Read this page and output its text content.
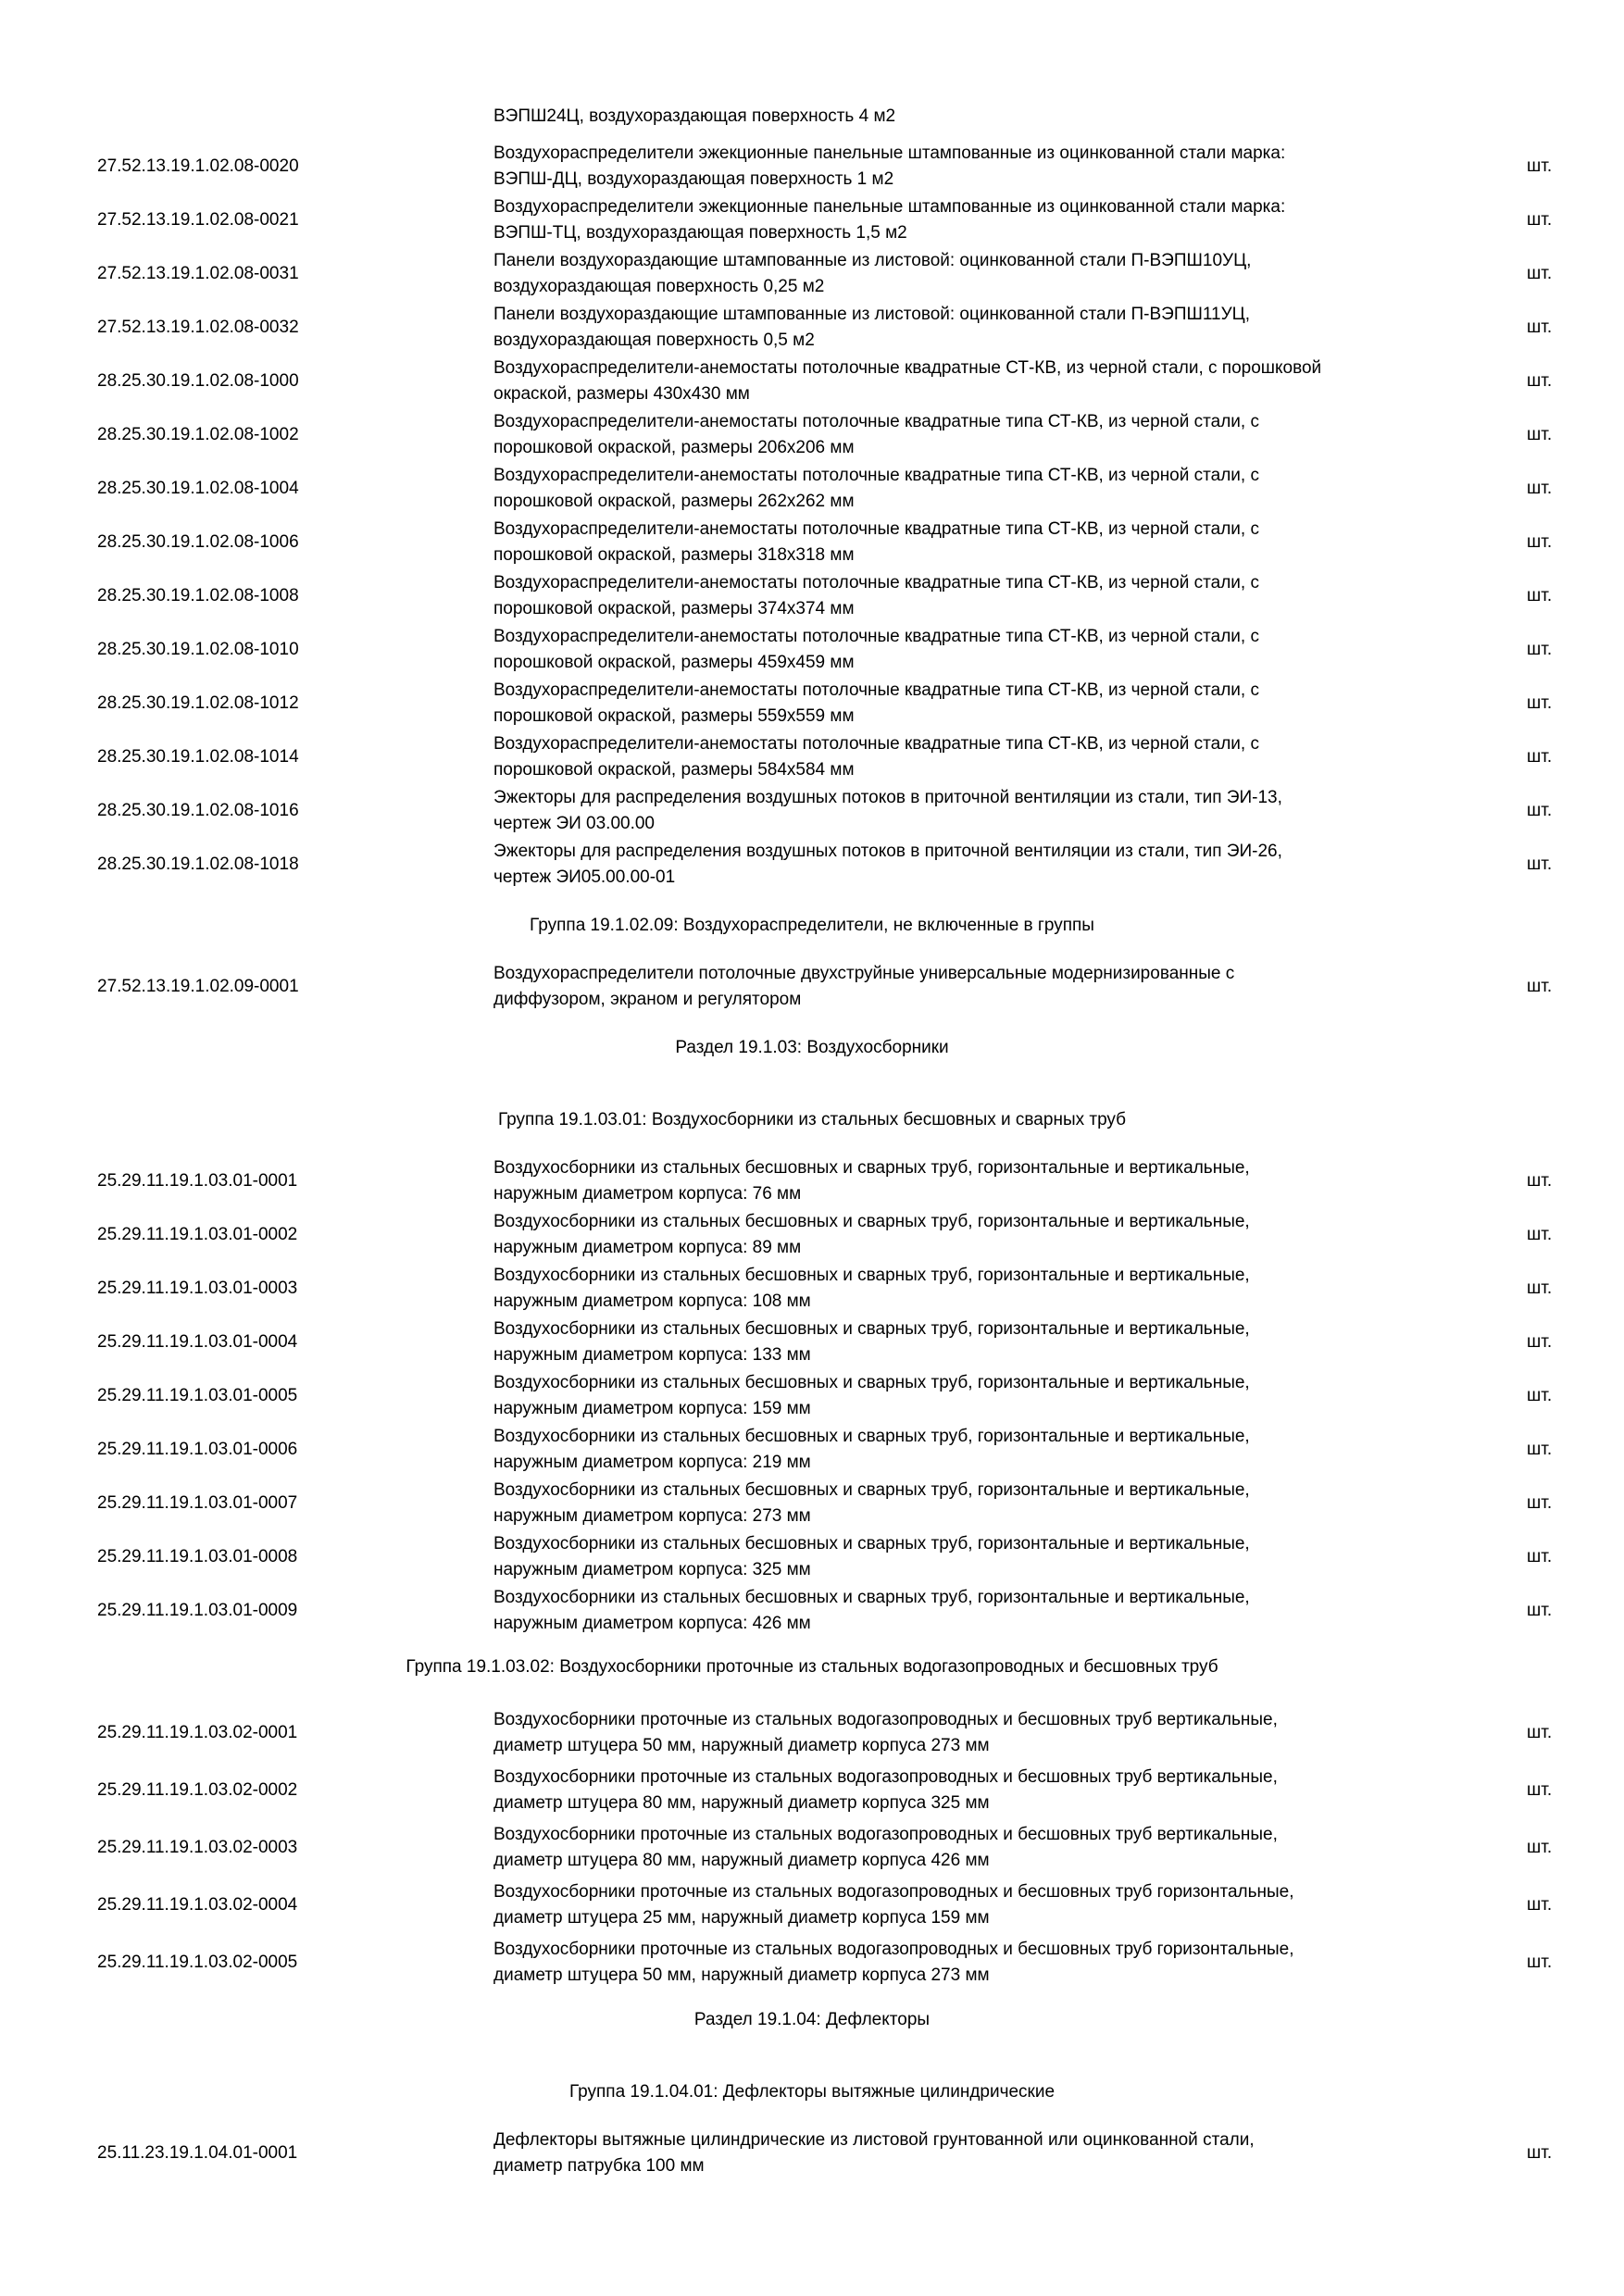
ВЭПШ24Ц, воздухораздающая поверхность 4 м2
27.52.13.19.1.02.08-0020
Воздухораспределители эжекционные панельные штампованные из оцинкованной стали марка:
ВЭПШ-ДЦ, воздухораздающая поверхность 1 м2
шт.
27.52.13.19.1.02.08-0021
Воздухораспределители эжекционные панельные штампованные из оцинкованной стали марка:
ВЭПШ-ТЦ, воздухораздающая поверхность 1,5 м2
шт.
27.52.13.19.1.02.08-0031
Панели воздухораздающие штампованные из листовой: оцинкованной стали П-ВЭПШ10УЦ,
воздухораздающая поверхность 0,25 м2
шт.
27.52.13.19.1.02.08-0032
Панели воздухораздающие штампованные из листовой: оцинкованной стали П-ВЭПШ11УЦ,
воздухораздающая поверхность 0,5 м2
шт.
28.25.30.19.1.02.08-1000
Воздухораспределители-анемостаты потолочные квадратные СТ-КВ, из черной стали, с порошковой
окраской, размеры 430х430 мм
шт.
28.25.30.19.1.02.08-1002
Воздухораспределители-анемостаты потолочные квадратные типа СТ-КВ, из черной стали, с
порошковой окраской, размеры 206х206 мм
шт.
28.25.30.19.1.02.08-1004
Воздухораспределители-анемостаты потолочные квадратные типа СТ-КВ, из черной стали, с
порошковой окраской, размеры 262х262 мм
шт.
28.25.30.19.1.02.08-1006
Воздухораспределители-анемостаты потолочные квадратные типа СТ-КВ, из черной стали, с
порошковой окраской, размеры 318х318 мм
шт.
28.25.30.19.1.02.08-1008
Воздухораспределители-анемостаты потолочные квадратные типа СТ-КВ, из черной стали, с
порошковой окраской, размеры 374х374 мм
шт.
28.25.30.19.1.02.08-1010
Воздухораспределители-анемостаты потолочные квадратные типа СТ-КВ, из черной стали, с
порошковой окраской, размеры 459х459 мм
шт.
28.25.30.19.1.02.08-1012
Воздухораспределители-анемостаты потолочные квадратные типа СТ-КВ, из черной стали, с
порошковой окраской, размеры 559х559 мм
шт.
28.25.30.19.1.02.08-1014
Воздухораспределители-анемостаты потолочные квадратные типа СТ-КВ, из черной стали, с
порошковой окраской, размеры 584х584 мм
шт.
28.25.30.19.1.02.08-1016
Эжекторы для распределения воздушных потоков в приточной вентиляции из стали, тип ЭИ-13,
чертеж ЭИ 03.00.00
шт.
28.25.30.19.1.02.08-1018
Эжекторы для распределения воздушных потоков в приточной вентиляции из стали, тип ЭИ-26,
чертеж ЭИ05.00.00-01
шт.
Группа 19.1.02.09: Воздухораспределители, не включенные в группы
27.52.13.19.1.02.09-0001
Воздухораспределители потолочные двухструйные универсальные модернизированные с
диффузором, экраном и регулятором
шт.
Раздел 19.1.03: Воздухосборники
Группа 19.1.03.01: Воздухосборники из стальных бесшовных и сварных труб
25.29.11.19.1.03.01-0001
Воздухосборники из стальных бесшовных и сварных труб, горизонтальные и вертикальные,
наружным диаметром корпуса: 76 мм
шт.
25.29.11.19.1.03.01-0002
Воздухосборники из стальных бесшовных и сварных труб, горизонтальные и вертикальные,
наружным диаметром корпуса: 89 мм
шт.
25.29.11.19.1.03.01-0003
Воздухосборники из стальных бесшовных и сварных труб, горизонтальные и вертикальные,
наружным диаметром корпуса: 108 мм
шт.
25.29.11.19.1.03.01-0004
Воздухосборники из стальных бесшовных и сварных труб, горизонтальные и вертикальные,
наружным диаметром корпуса: 133 мм
шт.
25.29.11.19.1.03.01-0005
Воздухосборники из стальных бесшовных и сварных труб, горизонтальные и вертикальные,
наружным диаметром корпуса: 159 мм
шт.
25.29.11.19.1.03.01-0006
Воздухосборники из стальных бесшовных и сварных труб, горизонтальные и вертикальные,
наружным диаметром корпуса: 219 мм
шт.
25.29.11.19.1.03.01-0007
Воздухосборники из стальных бесшовных и сварных труб, горизонтальные и вертикальные,
наружным диаметром корпуса: 273 мм
шт.
25.29.11.19.1.03.01-0008
Воздухосборники из стальных бесшовных и сварных труб, горизонтальные и вертикальные,
наружным диаметром корпуса: 325 мм
шт.
25.29.11.19.1.03.01-0009
Воздухосборники из стальных бесшовных и сварных труб, горизонтальные и вертикальные,
наружным диаметром корпуса: 426 мм
шт.
Группа 19.1.03.02: Воздухосборники проточные из стальных водогазопроводных и бесшовных труб
25.29.11.19.1.03.02-0001
Воздухосборники проточные из стальных водогазопроводных и бесшовных труб вертикальные,
диаметр штуцера 50 мм, наружный диаметр корпуса 273 мм
шт.
25.29.11.19.1.03.02-0002
Воздухосборники проточные из стальных водогазопроводных и бесшовных труб вертикальные,
диаметр штуцера 80 мм, наружный диаметр корпуса 325 мм
шт.
25.29.11.19.1.03.02-0003
Воздухосборники проточные из стальных водогазопроводных и бесшовных труб вертикальные,
диаметр штуцера 80 мм, наружный диаметр корпуса 426 мм
шт.
25.29.11.19.1.03.02-0004
Воздухосборники проточные из стальных водогазопроводных и бесшовных труб горизонтальные,
диаметр штуцера 25 мм, наружный диаметр корпуса 159 мм
шт.
25.29.11.19.1.03.02-0005
Воздухосборники проточные из стальных водогазопроводных и бесшовных труб горизонтальные,
диаметр штуцера 50 мм, наружный диаметр корпуса 273 мм
шт.
Раздел 19.1.04: Дефлекторы
Группа 19.1.04.01: Дефлекторы вытяжные цилиндрические
25.11.23.19.1.04.01-0001
Дефлекторы вытяжные цилиндрические из листовой грунтованной или оцинкованной стали,
диаметр патрубка 100 мм
шт.
